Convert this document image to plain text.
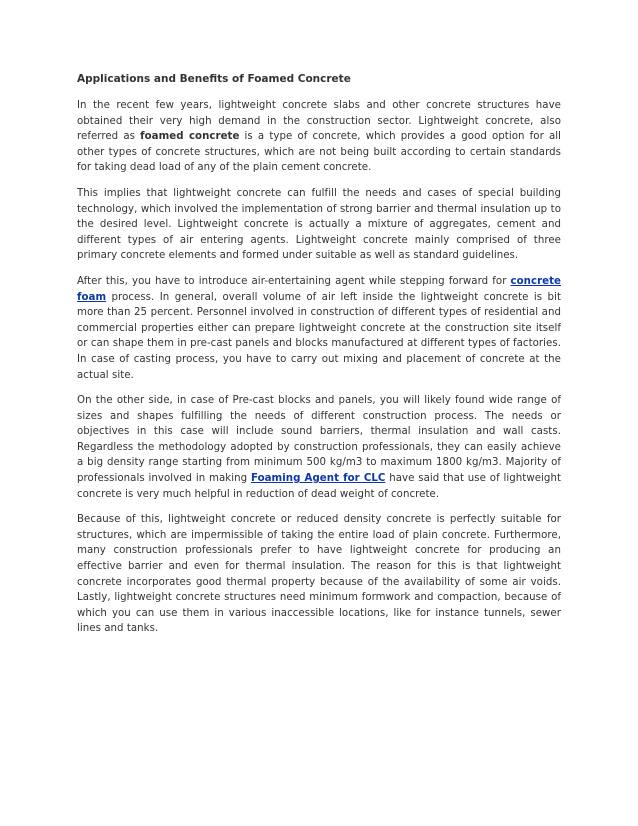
Applications and Benefits of Foamed Concrete

In the recent few years, lightweight concrete slabs and other concrete structures have obtained their very high demand in the construction sector. Lightweight concrete, also referred as foamed concrete is a type of concrete, which provides a good option for all other types of concrete structures, which are not being built according to certain standards for taking dead load of any of the plain cement concrete.

This implies that lightweight concrete can fulfill the needs and cases of special building technology, which involved the implementation of strong barrier and thermal insulation up to the desired level. Lightweight concrete is actually a mixture of aggregates, cement and different types of air entering agents. Lightweight concrete mainly comprised of three primary concrete elements and formed under suitable as well as standard guidelines.

After this, you have to introduce air-entertaining agent while stepping forward for concrete foam process. In general, overall volume of air left inside the lightweight concrete is bit more than 25 percent. Personnel involved in construction of different types of residential and commercial properties either can prepare lightweight concrete at the construction site itself or can shape them in pre-cast panels and blocks manufactured at different types of factories. In case of casting process, you have to carry out mixing and placement of concrete at the actual site.

On the other side, in case of Pre-cast blocks and panels, you will likely found wide range of sizes and shapes fulfilling the needs of different construction process. The needs or objectives in this case will include sound barriers, thermal insulation and wall casts. Regardless the methodology adopted by construction professionals, they can easily achieve a big density range starting from minimum 500 kg/m3 to maximum 1800 kg/m3. Majority of professionals involved in making Foaming Agent for CLC have said that use of lightweight concrete is very much helpful in reduction of dead weight of concrete.

Because of this, lightweight concrete or reduced density concrete is perfectly suitable for structures, which are impermissible of taking the entire load of plain concrete. Furthermore, many construction professionals prefer to have lightweight concrete for producing an effective barrier and even for thermal insulation. The reason for this is that lightweight concrete incorporates good thermal property because of the availability of some air voids. Lastly, lightweight concrete structures need minimum formwork and compaction, because of which you can use them in various inaccessible locations, like for instance tunnels, sewer lines and tanks.
